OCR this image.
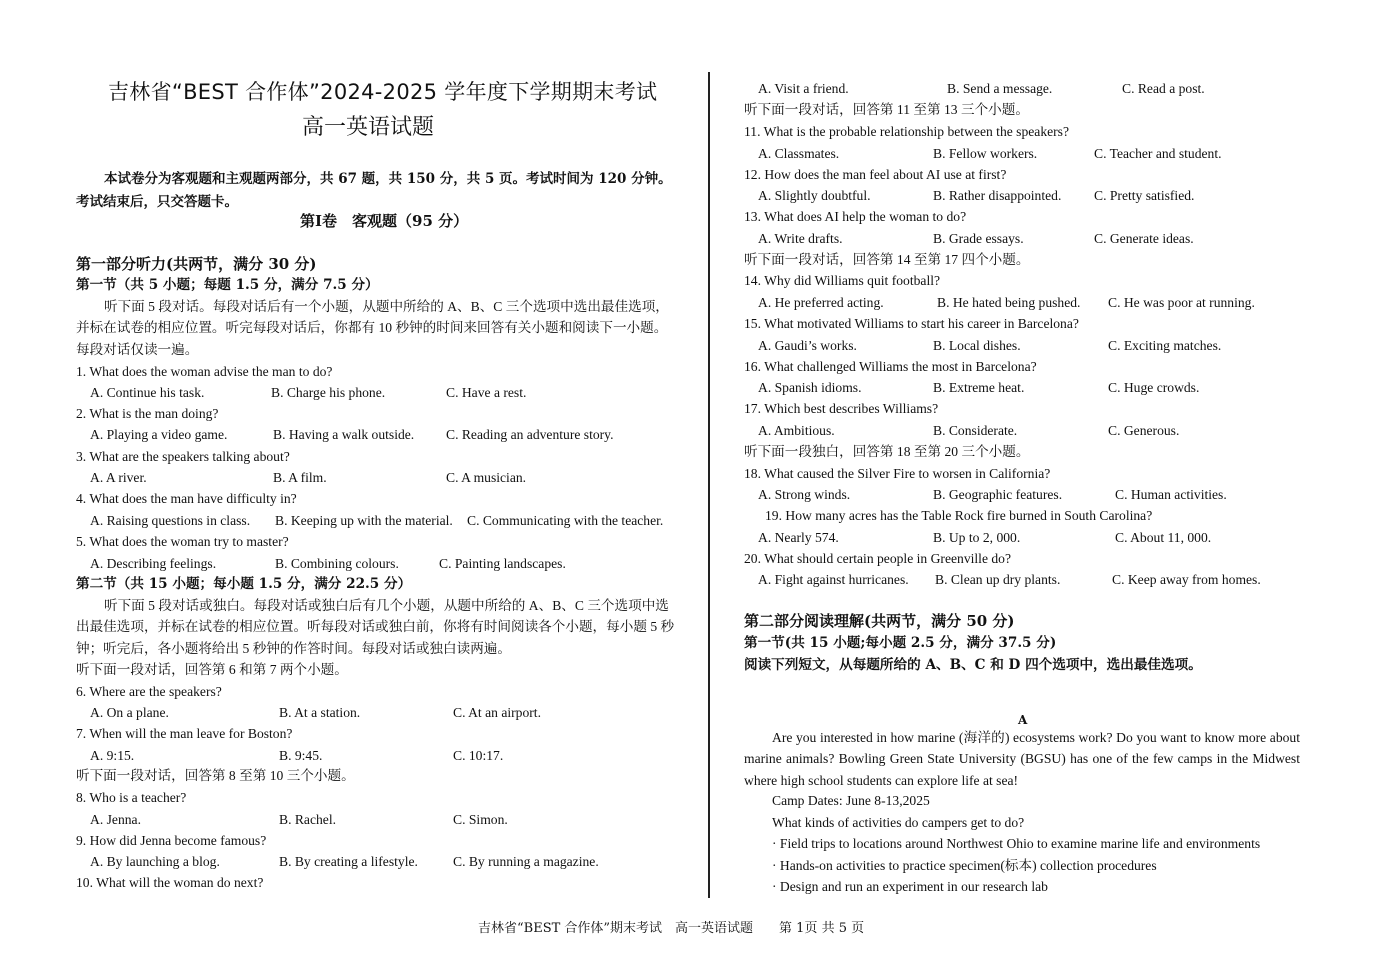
吉林省“BEST 合作体”2024-2025 学年度下学期期末考试
高一英语试题
本试卷分为客观题和主观题两部分，共 67 题，共 150 分，共 5 页。考试时间为 120 分钟。考试结束后，只交答题卡。
第Ⅰ卷　客观题（95 分）
第一部分听力(共两节，满分 30 分)
第一节（共 5 小题；每题 1.5 分，满分 7.5 分）
听下面 5 段对话。每段对话后有一个小题，从题中所给的 A、B、C 三个选项中选出最佳选项，并标在试卷的相应位置。听完每段对话后，你都有 10 秒钟的时间来回答有关小题和阅读下一小题。每段对话仅读一遍。
1. What does the woman advise the man to do?
A. Continue his task.	B. Charge his phone.	C. Have a rest.
2. What is the man doing?
A. Playing a video game.	B. Having a walk outside. C. Reading an adventure story.
3. What are the speakers talking about?
A. A river.	B. A film.	C. A musician.
4. What does the man have difficulty in?
A. Raising questions in class. B. Keeping up with the material. C. Communicating with the teacher.
5. What does the woman try to master?
A. Describing feelings.	B. Combining colours.	C. Painting landscapes.
第二节（共 15 小题；每小题 1.5 分，满分 22.5 分）
听下面 5 段对话或独白。每段对话或独白后有几个小题，从题中所给的 A、B、C 三个选项中选出最佳选项，并标在试卷的相应位置。听每段对话或独白前，你将有时间阅读各个小题，每小题 5 秒钟；听完后，各小题将给出 5 秒钟的作答时间。每段对话或独白读两遍。
听下面一段对话，回答第 6 和第 7 两个小题。
6. Where are the speakers?
A. On a plane.	B. At a station.	C. At an airport.
7. When will the man leave for Boston?
A. 9:15.	B. 9:45.	C. 10:17.
听下面一段对话，回答第 8 至第 10 三个小题。
8. Who is a teacher?
A. Jenna.	B. Rachel.	C. Simon.
9. How did Jenna become famous?
A. By launching a blog.	B. By creating a lifestyle.	C. By running a magazine.
10. What will the woman do next?
A. Visit a friend.	B. Send a message.	C. Read a post.
听下面一段对话，回答第 11 至第 13 三个小题。
11. What is the probable relationship between the speakers?
A. Classmates.	B. Fellow workers.	C. Teacher and student.
12. How does the man feel about AI use at first?
A. Slightly doubtful.	B. Rather disappointed. C. Pretty satisfied.
13. What does AI help the woman to do?
A. Write drafts.	B. Grade essays.	C. Generate ideas.
听下面一段对话，回答第 14 至第 17 四个小题。
14. Why did Williams quit football?
A. He preferred acting.	B. He hated being pushed. C. He was poor at running.
15. What motivated Williams to start his career in Barcelona?
A. Gaudi’s works.	B. Local dishes.	C. Exciting matches.
16. What challenged Williams the most in Barcelona?
A. Spanish idioms.	B. Extreme heat.	C. Huge crowds.
17. Which best describes Williams?
A. Ambitious.	B. Considerate.	C. Generous.
听下面一段独白，回答第 18 至第 20 三个小题。
18. What caused the Silver Fire to worsen in California?
A. Strong winds.	B. Geographic features.	C. Human activities.
19. How many acres has the Table Rock fire burned in South Carolina?
A. Nearly 574.	B. Up to 2, 000.	C. About 11, 000.
20. What should certain people in Greenville do?
A. Fight against hurricanes. B. Clean up dry plants.	C. Keep away from homes.
第二部分阅读理解(共两节，满分 50 分)
第一节(共 15 小题;每小题 2.5 分，满分 37.5 分)
阅读下列短文，从每题所给的 A、B、C 和 D 四个选项中，选出最佳选项。
A
Are you interested in how marine (海洋的) ecosystems work? Do you want to know more about marine animals? Bowling Green State University (BGSU) has one of the few camps in the Midwest where high school students can explore life at sea!
Camp Dates: June 8-13,2025
What kinds of activities do campers get to do?
· Field trips to locations around Northwest Ohio to examine marine life and environments
· Hands-on activities to practice specimen(标本) collection procedures
· Design and run an experiment in our research lab
吉林省“BEST 合作体”期末考试　高一英语试题　　第 1页 共 5 页
